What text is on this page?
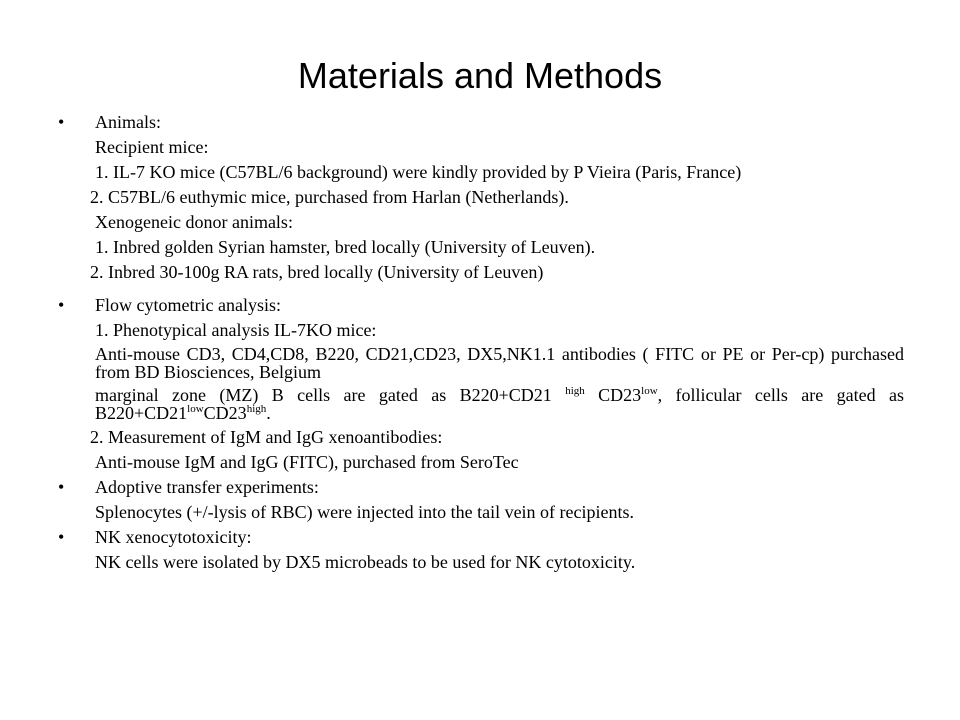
Materials and Methods
•	Animals:
Recipient mice:
1. IL-7 KO mice (C57BL/6 background) were kindly provided by P Vieira (Paris, France)
2. C57BL/6 euthymic mice, purchased from Harlan (Netherlands).
Xenogeneic donor animals:
1. Inbred golden Syrian hamster, bred locally (University of Leuven).
2. Inbred 30-100g RA rats, bred locally (University of Leuven)
•	Flow cytometric analysis:
1. Phenotypical analysis IL-7KO mice:
Anti-mouse CD3, CD4,CD8, B220, CD21,CD23, DX5,NK1.1 antibodies ( FITC or PE or Per-cp) purchased from BD Biosciences, Belgium
marginal zone (MZ) B cells are gated as B220+CD21 $^{high}$ $CD23^{low}$, follicular cells are gated as $B220+CD21^{low}CD23^{high}$.
2. Measurement of IgM and IgG xenoantibodies:
Anti-mouse IgM and IgG (FITC), purchased from SeroTec
•	Adoptive transfer experiments:
Splenocytes (+/-lysis of RBC) were injected into the tail vein of recipients.
•	NK xenocytotoxicity:
NK cells were isolated by DX5 microbeads to be used for NK cytotoxicity.
